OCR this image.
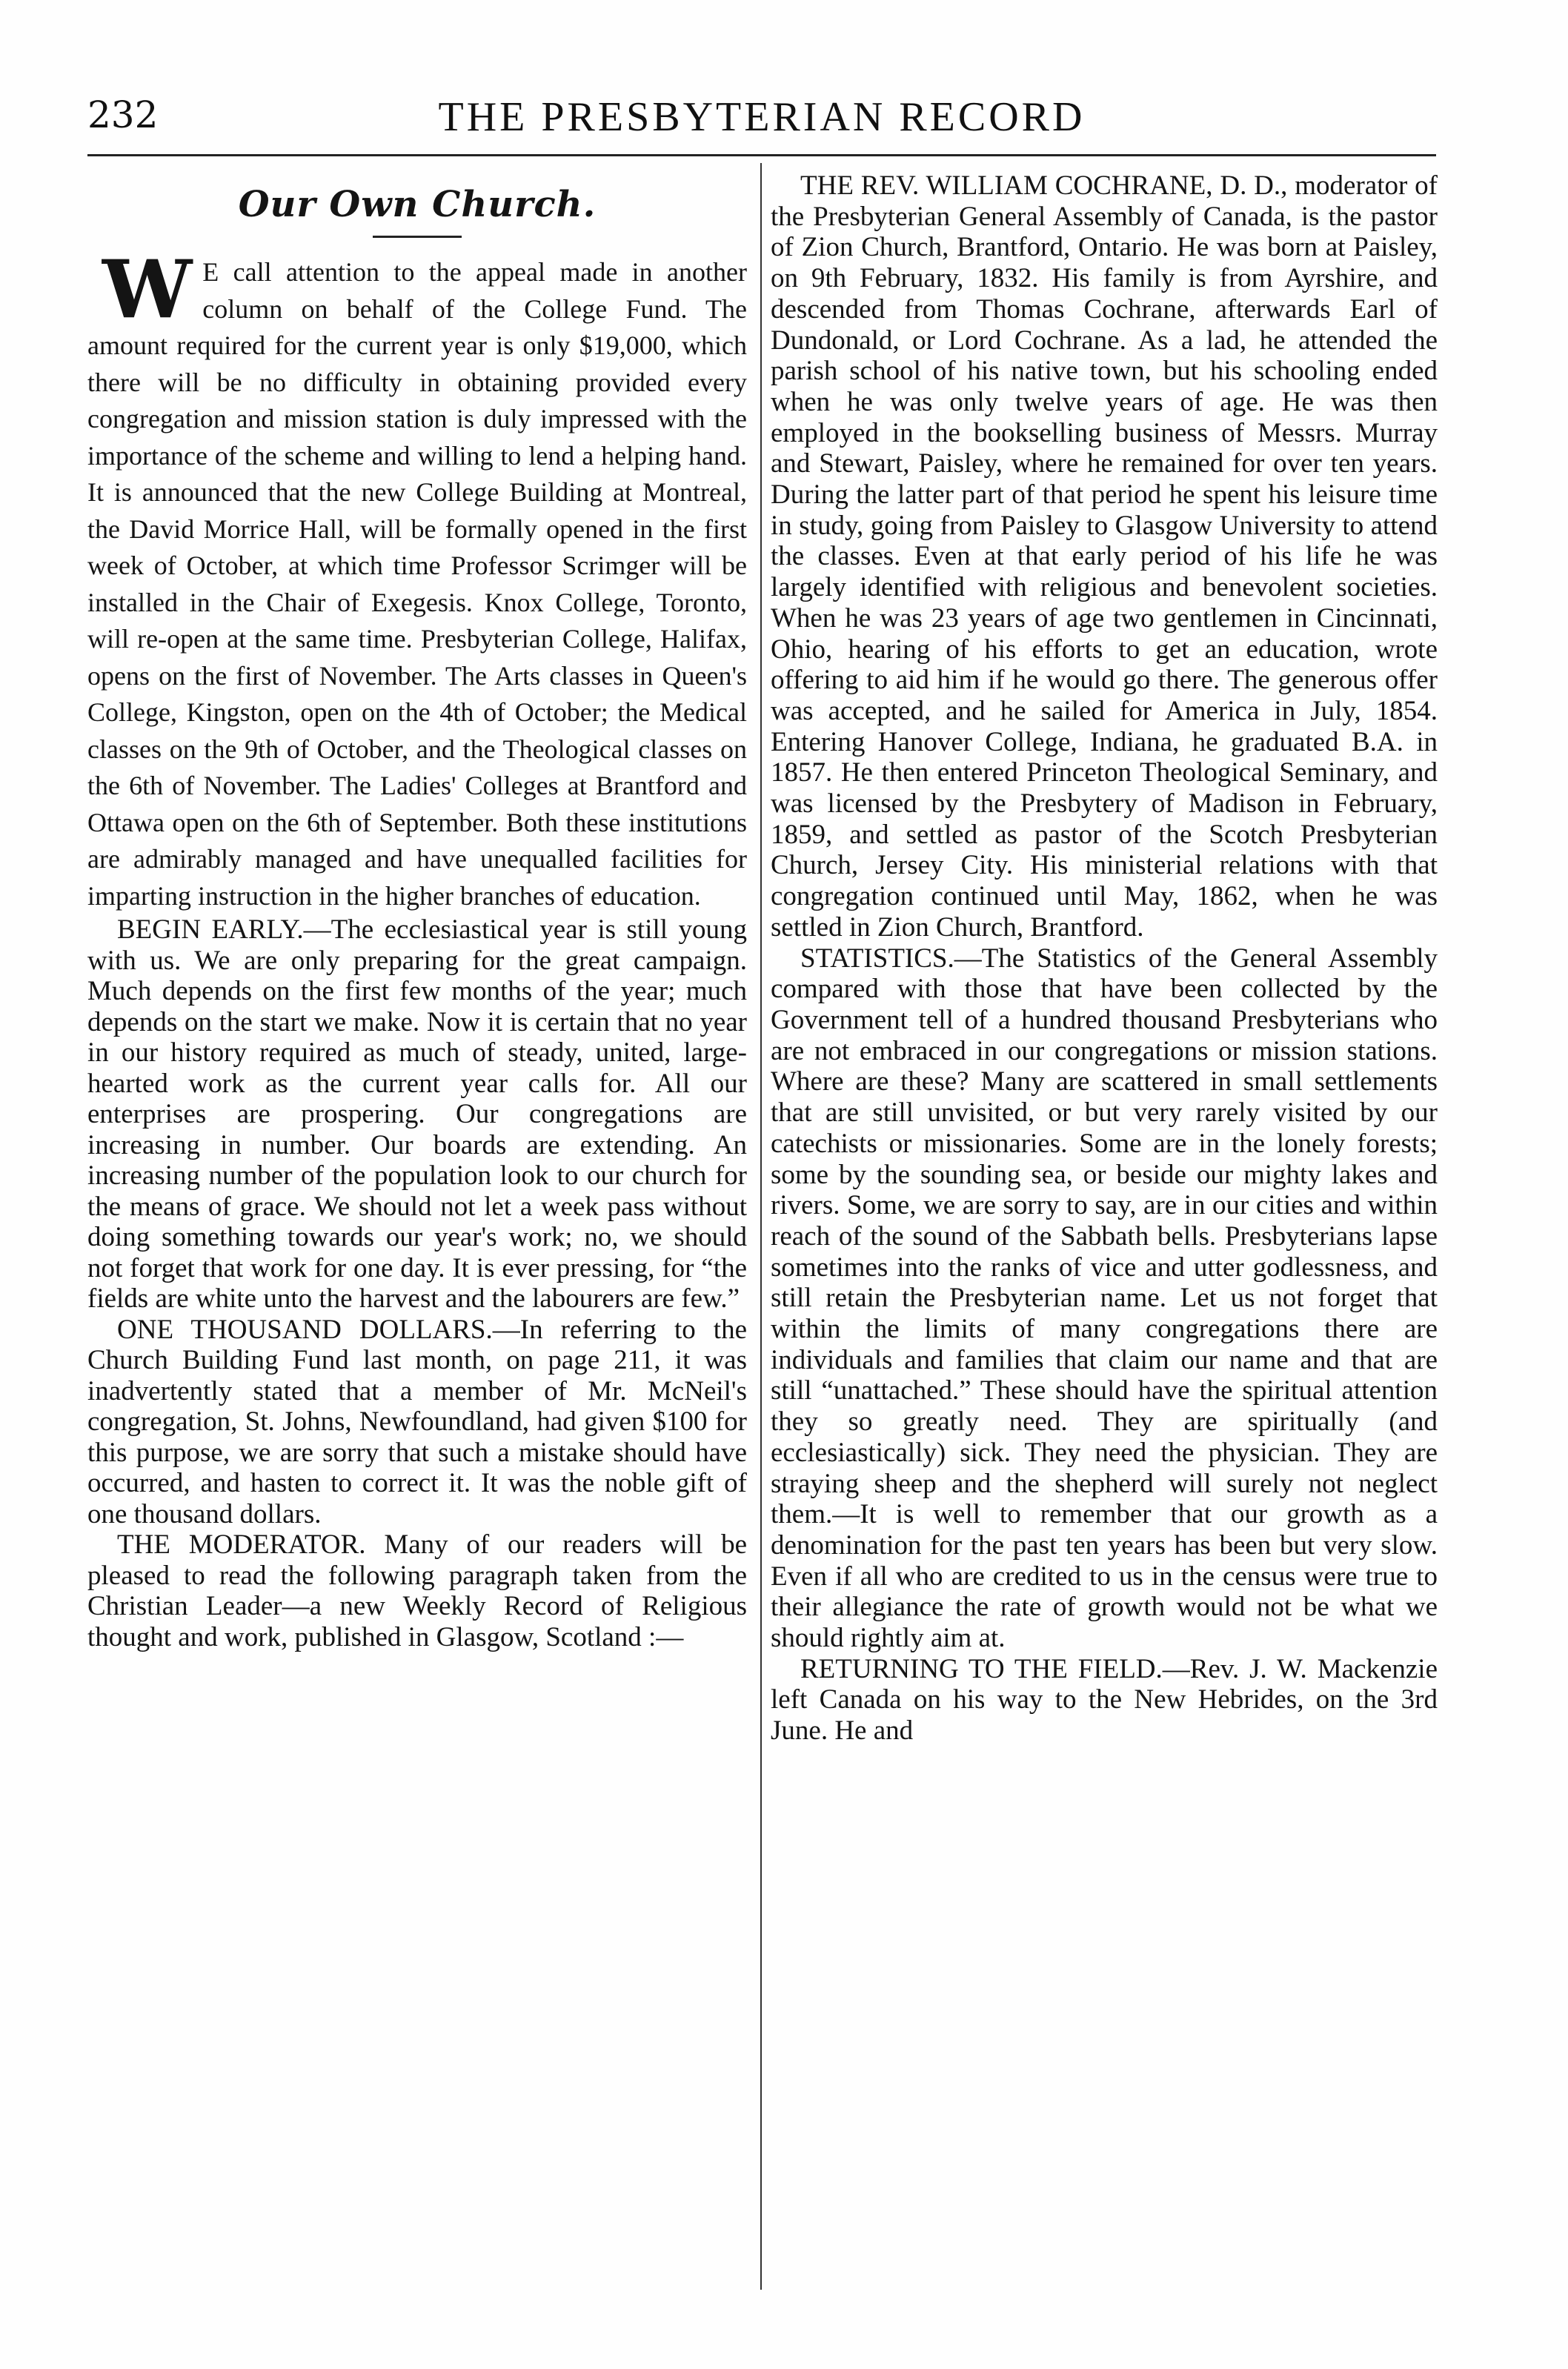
232	THE PRESBYTERIAN RECORD
Our Own Church.

W E call attention to the appeal made in another column on behalf of the College Fund. The amount required for the current year is only $19,000, which there will be no difficulty in obtaining provided every congregation and mission station is duly impressed with the importance of the scheme and willing to lend a helping hand. It is announced that the new College Building at Montreal, the David Morrice Hall, will be formally opened in the first week of October, at which time Professor Scrimger will be installed in the Chair of Exegesis. Knox College, Toronto, will re-open at the same time. Presbyterian College, Halifax, opens on the first of November. The Arts classes in Queen's College, Kingston, open on the 4th of October; the Medical classes on the 9th of October, and the Theological classes on the 6th of November. The Ladies' Colleges at Brantford and Ottawa open on the 6th of September. Both these institutions are admirably managed and have unequalled facilities for imparting instruction in the higher branches of education.

BEGIN EARLY.—The ecclesiastical year is still young with us. We are only preparing for the great campaign. Much depends on the first few months of the year; much depends on the start we make. Now it is certain that no year in our history required as much of steady, united, large-hearted work as the current year calls for. All our enterprises are prospering. Our congregations are increasing in number. Our boards are extending. An increasing number of the population look to our church for the means of grace. We should not let a week pass without doing something towards our year's work; no, we should not forget that work for one day. It is ever pressing, for “the fields are white unto the harvest and the labourers are few.”

ONE THOUSAND DOLLARS.—In referring to the Church Building Fund last month, on page 211, it was inadvertently stated that a member of Mr. McNeil's congregation, St. Johns, Newfoundland, had given $100 for this purpose, we are sorry that such a mistake should have occurred, and hasten to correct it. It was the noble gift of one thousand dollars.

THE MODERATOR. Many of our readers will be pleased to read the following paragraph taken from the Christian Leader—a new Weekly Record of Religious thought and work, published in Glasgow, Scotland :—

THE REV. WILLIAM COCHRANE, D. D., moderator of the Presbyterian General Assembly of Canada, is the pastor of Zion Church, Brantford, Ontario. He was born at Paisley, on 9th February, 1832. His family is from Ayrshire, and descended from Thomas Cochrane, afterwards Earl of Dundonald, or Lord Cochrane. As a lad, he attended the parish school of his native town, but his schooling ended when he was only twelve years of age. He was then employed in the bookselling business of Messrs. Murray and Stewart, Paisley, where he remained for over ten years. During the latter part of that period he spent his leisure time in study, going from Paisley to Glasgow University to attend the classes. Even at that early period of his life he was largely identified with religious and benevolent societies. When he was 23 years of age two gentlemen in Cincinnati, Ohio, hearing of his efforts to get an education, wrote offering to aid him if he would go there. The generous offer was accepted, and he sailed for America in July, 1854. Entering Hanover College, Indiana, he graduated B.A. in 1857. He then entered Princeton Theological Seminary, and was licensed by the Presbytery of Madison in February, 1859, and settled as pastor of the Scotch Presbyterian Church, Jersey City. His ministerial relations with that congregation continued until May, 1862, when he was settled in Zion Church, Brantford.

STATISTICS.—The Statistics of the General Assembly compared with those that have been collected by the Government tell of a hundred thousand Presbyterians who are not embraced in our congregations or mission stations. Where are these? Many are scattered in small settlements that are still unvisited, or but very rarely visited by our catechists or missionaries. Some are in the lonely forests; some by the sounding sea, or beside our mighty lakes and rivers. Some, we are sorry to say, are in our cities and within reach of the sound of the Sabbath bells. Presbyterians lapse sometimes into the ranks of vice and utter godlessness, and still retain the Presbyterian name. Let us not forget that within the limits of many congregations there are individuals and families that claim our name and that are still “unattached.” These should have the spiritual attention they so greatly need. They are spiritually (and ecclesiastically) sick. They need the physician. They are straying sheep and the shepherd will surely not neglect them.—It is well to remember that our growth as a denomination for the past ten years has been but very slow. Even if all who are credited to us in the census were true to their allegiance the rate of growth would not be what we should rightly aim at.

RETURNING TO THE FIELD.—Rev. J. W. Mackenzie left Canada on his way to the New Hebrides, on the 3rd June. He and
